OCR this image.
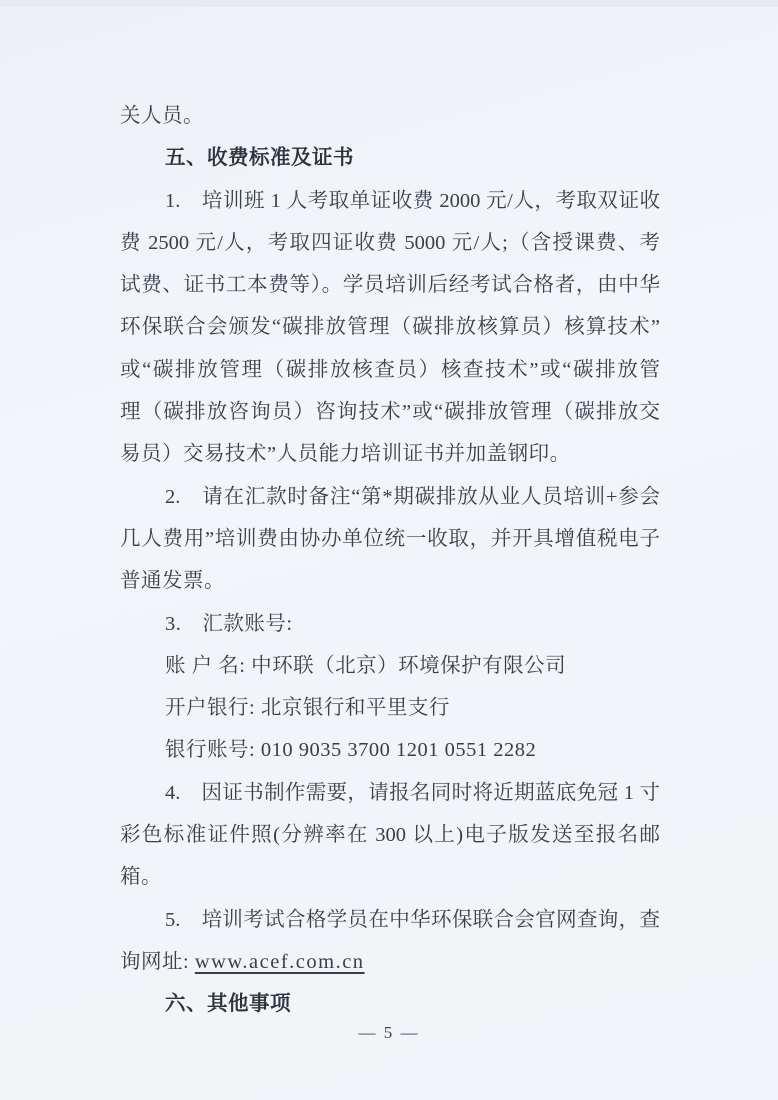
关人员。
五、收费标准及证书
1.　培训班 1 人考取单证收费 2000 元/人，考取双证收
费 2500 元/人，考取四证收费 5000 元/人;（含授课费、考
试费、证书工本费等）。学员培训后经考试合格者，由中华
环保联合会颁发“碳排放管理（碳排放核算员）核算技术”
或“碳排放管理（碳排放核查员）核查技术”或“碳排放管
理（碳排放咨询员）咨询技术”或“碳排放管理（碳排放交
易员）交易技术”人员能力培训证书并加盖钢印。
2.　请在汇款时备注“第*期碳排放从业人员培训+参会
几人费用”培训费由协办单位统一收取，并开具增值税电子
普通发票。
3.　汇款账号:
账 户 名: 中环联（北京）环境保护有限公司
开户银行: 北京银行和平里支行
银行账号: 010 9035 3700 1201 0551 2282
4.　因证书制作需要，请报名同时将近期蓝底免冠 1 寸
彩色标准证件照(分辨率在 300 以上)电子版发送至报名邮
箱。
5.　培训考试合格学员在中华环保联合会官网查询，查
询网址: www.acef.com.cn
六、其他事项
— 5 —
